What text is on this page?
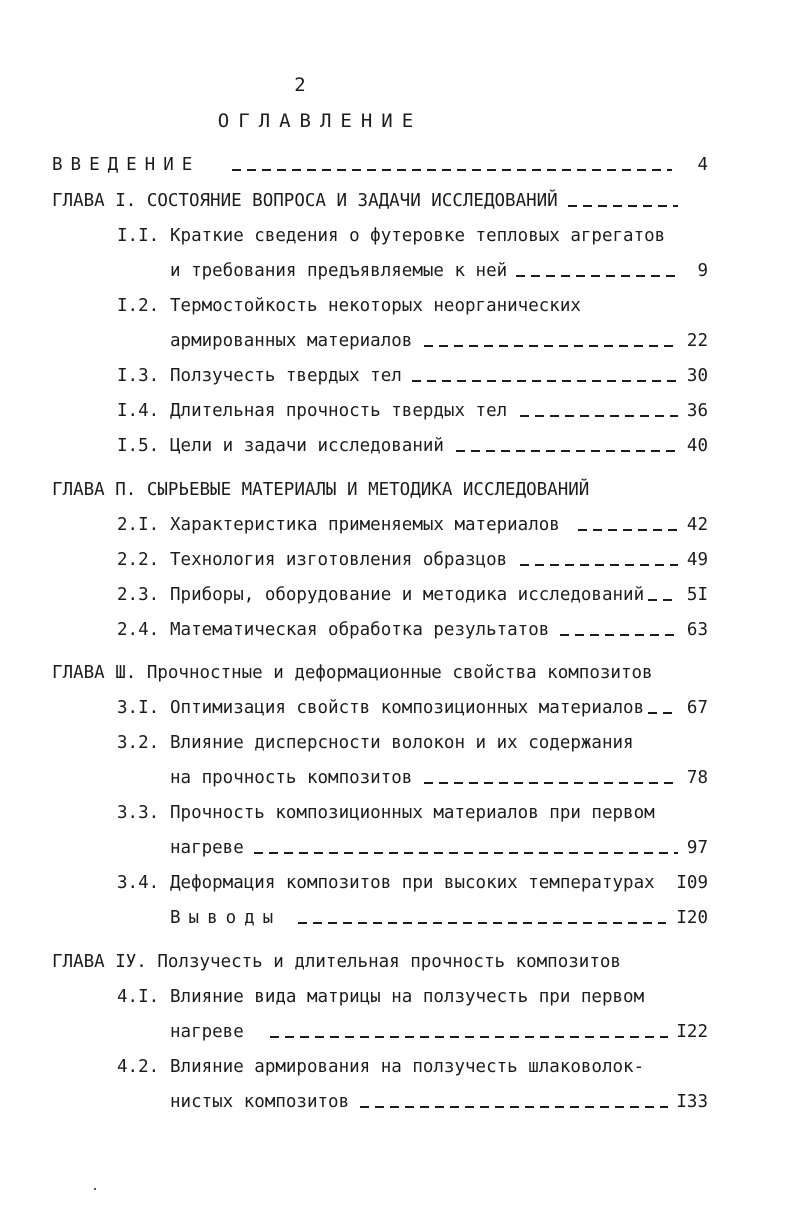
2
ОГЛАВЛЕНИЕ
ВВЕДЕНИЕ	4
ГЛАВА I. СОСТОЯНИЕ ВОПРОСА И ЗАДАЧИ ИССЛЕДОВАНИЙ
I.I. Краткие сведения о футеровке тепловых агрегатов
и требования предъявляемые к ней	9
I.2. Термостойкость некоторых неорганических
армированных материалов	22
I.3. Ползучесть твердых тел	30
I.4. Длительная прочность твердых тел	36
I.5. Цели и задачи исследований	40
ГЛАВА П. СЫРЬЕВЫЕ МАТЕРИАЛЫ И МЕТОДИКА ИССЛЕДОВАНИЙ
2.I. Характеристика применяемых материалов	42
2.2. Технология изготовления образцов	49
2.3. Приборы, оборудование и методика исследований 5I
2.4. Математическая обработка результатов	63
ГЛАВА Ш. Прочностные и деформационные свойства композитов
3.I. Оптимизация свойств композиционных материалов 67
3.2. Влияние дисперсности волокон и их содержания
на прочность композитов	78
3.3. Прочность композиционных материалов при первом
нагреве	97
3.4. Деформация композитов при высоких температурах I09
Выводы	I20
ГЛАВА IУ. Ползучесть и длительная прочность композитов
4.I. Влияние вида матрицы на ползучесть при первом
нагреве	I22
4.2. Влияние армирования на ползучесть шлаковолок-
нистых композитов	I33
